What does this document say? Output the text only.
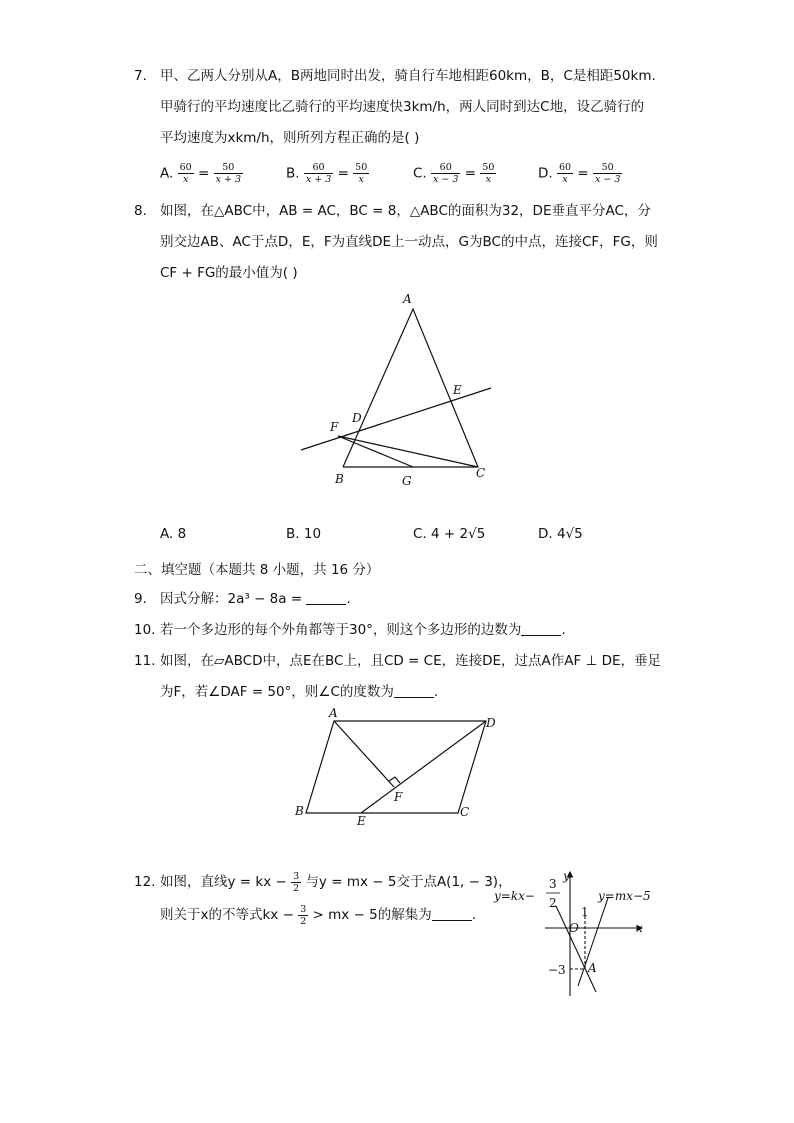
7. 甲、乙两人分别从A，B两地同时出发，骑自行车地相距60km，B，C是相距50km.
甲骑行的平均速度比乙骑行的平均速度快3km/h，两人同时到达C地，设乙骑行的
平均速度为xkm/h，则所列方程正确的是( )
A. $\frac{60}{x} = \frac{50}{x + 3}$	B. $\frac{60}{x + 3} = \frac{50}{x}$	C. $\frac{60}{x - 3} = \frac{50}{x}$	D. $\frac{60}{x} = \frac{50}{x - 3}$
8. 如图，在△ABC中，AB = AC，BC = 8，△ABC的面积为32，DE垂直平分AC，分
别交边AB、AC于点D，E，F为直线DE上一动点，G为BC的中点，连接CF，FG，则
CF + FG的最小值为( )
A
B	C
D
E
F
G
A. 8	B. 10	C. 4 + 2√5	D. 4√5
二、填空题（本题共 8 小题，共 16 分）
9. 因式分解：2a³ − 8a =	.
10. 若一个多边形的每个外角都等于30°，则这个多边形的边数为	.
11. 如图，在▱ABCD中，点E在BC上，且CD = CE，连接DE，过点A作AF ⊥ DE，垂足
为F，若∠DAF = 50°，则∠C的度数为	.
A
D
B	C
E
F
12. 如图，直线y = kx − $\frac{3}{2}$ 与y = mx − 5交于点A(1, − 3)，
则关于x的不等式kx − $\frac{3}{2}$ > mx − 5的解集为	.
y=kx−
3
2	y=mx−5
x
y
O
1
−3 A
